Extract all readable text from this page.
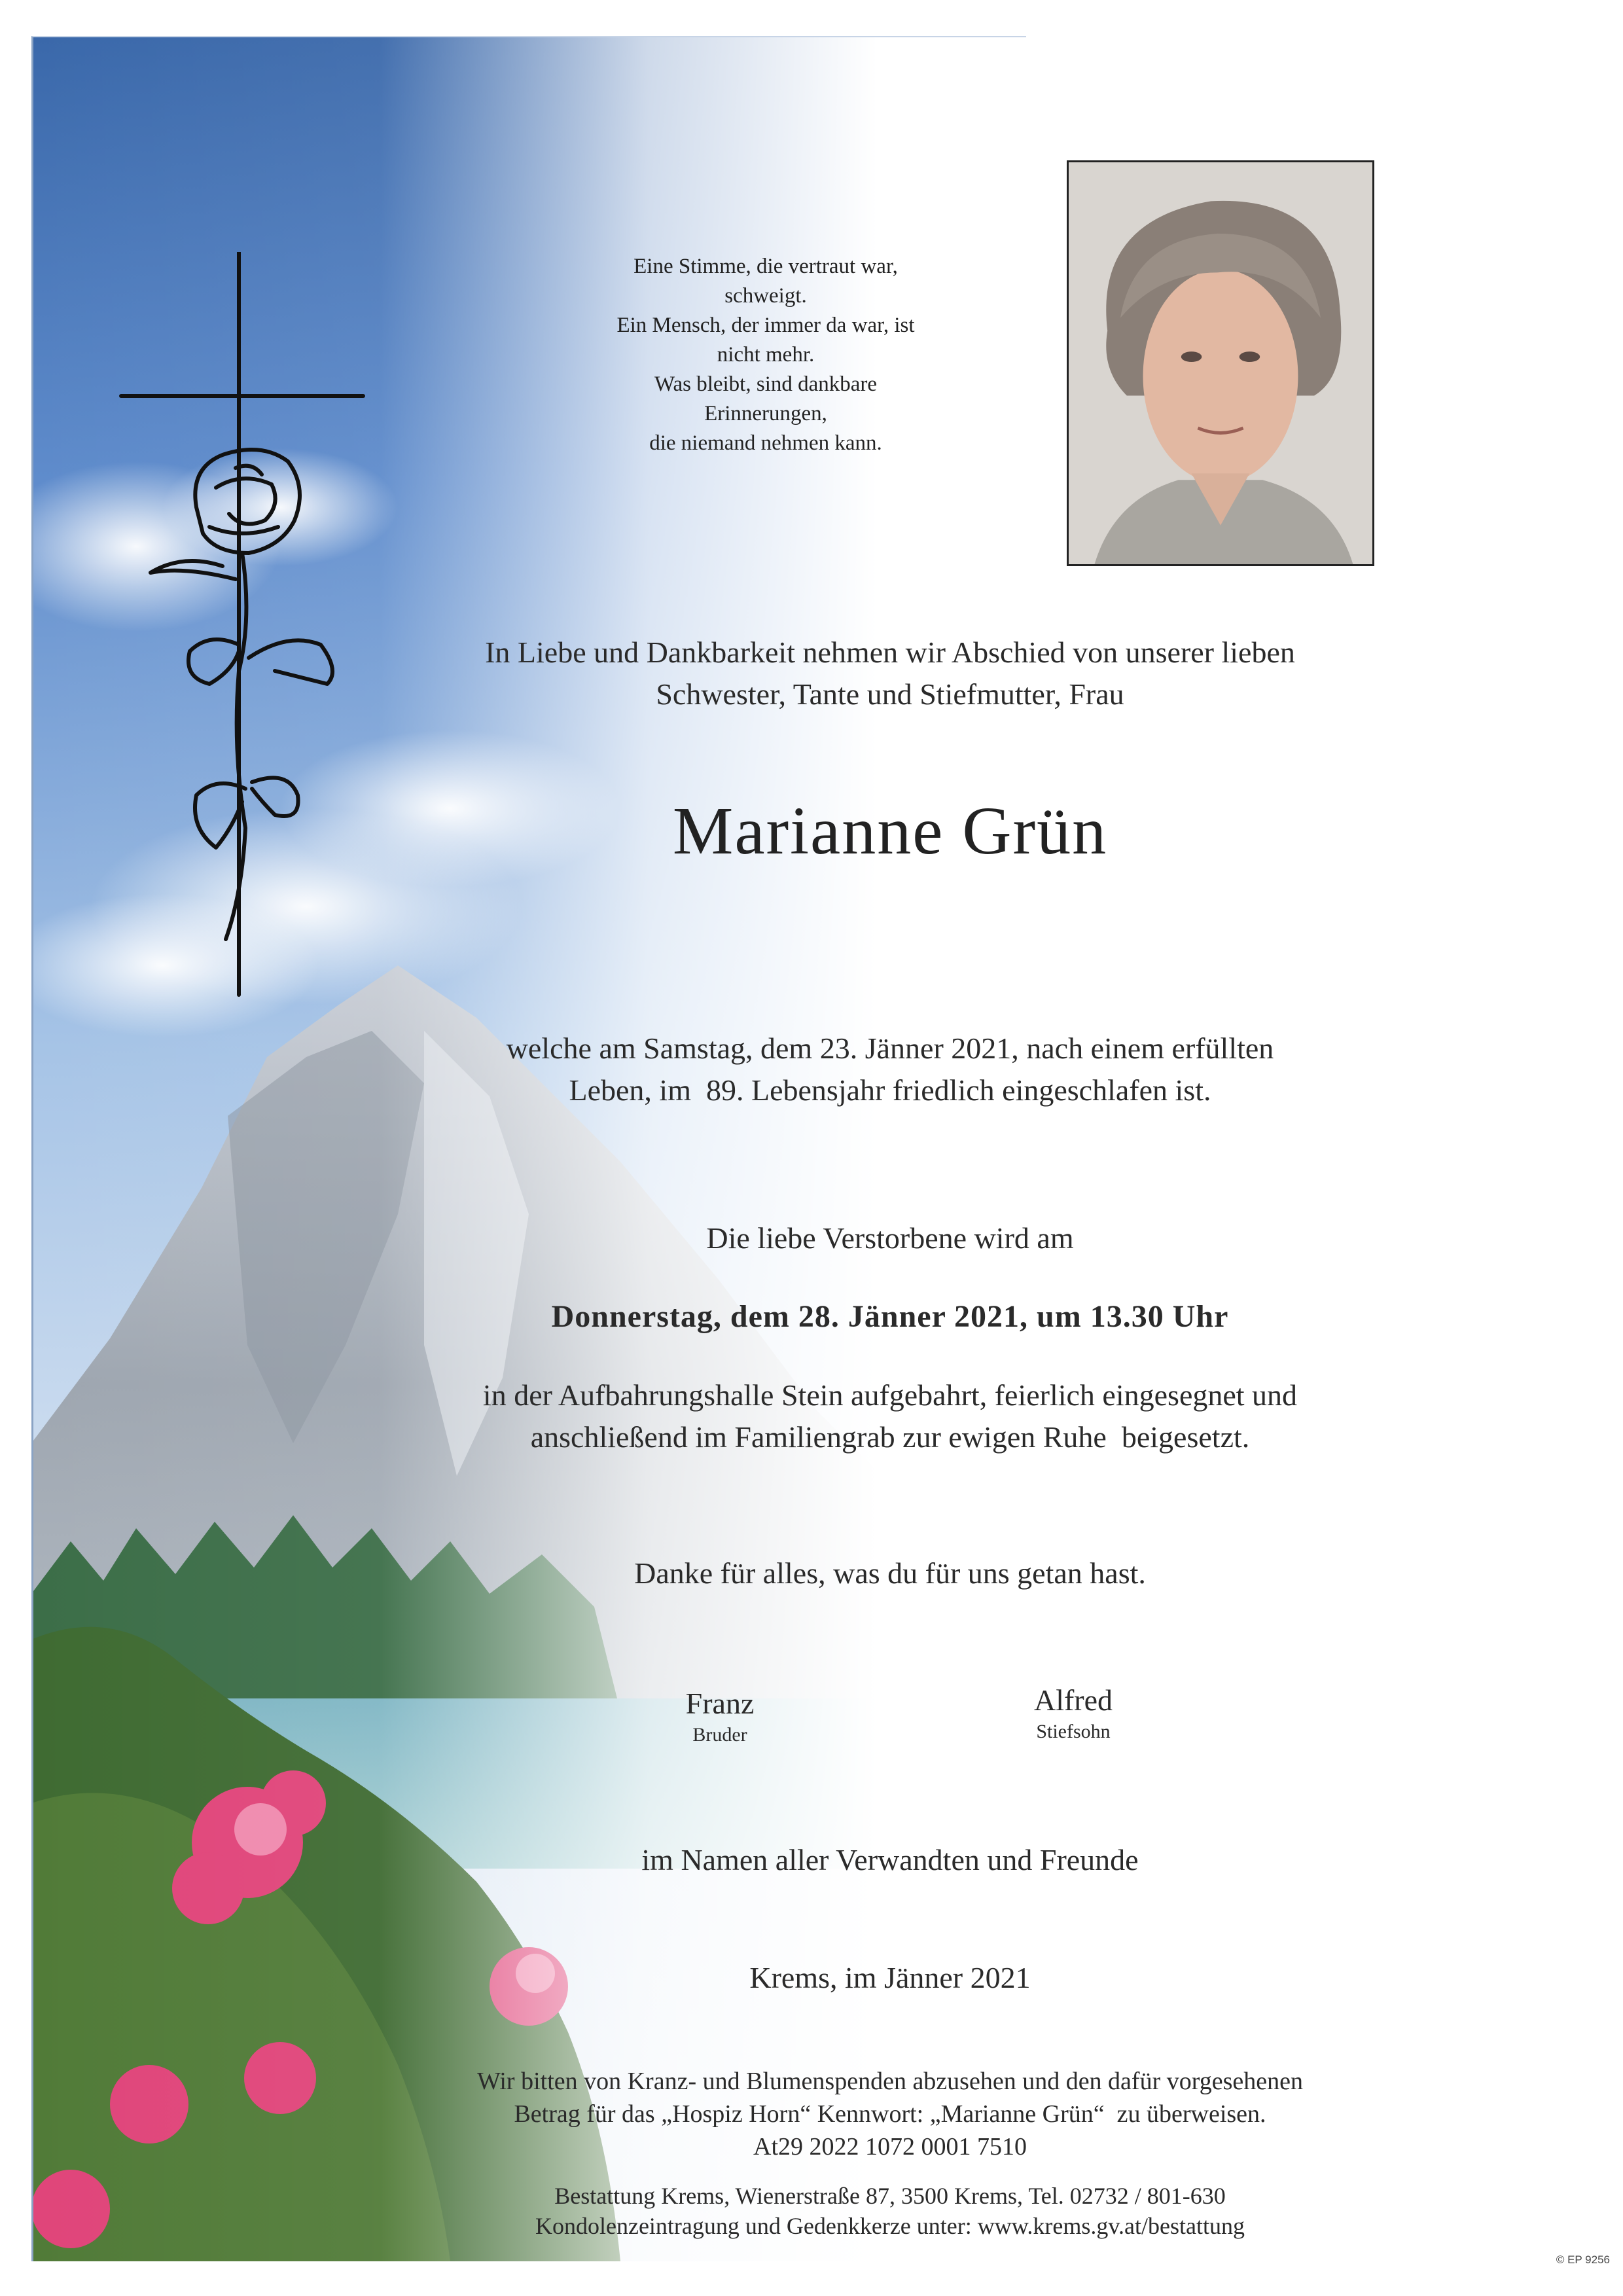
Eine Stimme, die vertraut war,
schweigt.
Ein Mensch, der immer da war, ist
nicht mehr.
Was bleibt, sind dankbare
Erinnerungen,
die niemand nehmen kann.
In Liebe und Dankbarkeit nehmen wir Abschied von unserer lieben
Schwester, Tante und Stiefmutter, Frau
Marianne Grün
welche am Samstag, dem 23. Jänner 2021, nach einem erfüllten
Leben, im  89. Lebensjahr friedlich eingeschlafen ist.
Die liebe Verstorbene wird am
Donnerstag, dem 28. Jänner 2021, um 13.30 Uhr
in der Aufbahrungshalle Stein aufgebahrt, feierlich eingesegnet und
anschließend im Familiengrab zur ewigen Ruhe  beigesetzt.
Danke für alles, was du für uns getan hast.
Franz
Bruder
Alfred
Stiefsohn
im Namen aller Verwandten und Freunde
Krems, im Jänner 2021
Wir bitten von Kranz- und Blumenspenden abzusehen und den dafür vorgesehenen
Betrag für das „Hospiz Horn“ Kennwort: „Marianne Grün“  zu überweisen.
At29 2022 1072 0001 7510
Bestattung Krems, Wienerstraße 87, 3500 Krems, Tel. 02732 / 801-630
Kondolenzeintragung und Gedenkkerze unter: www.krems.gv.at/bestattung
© EP 9256
